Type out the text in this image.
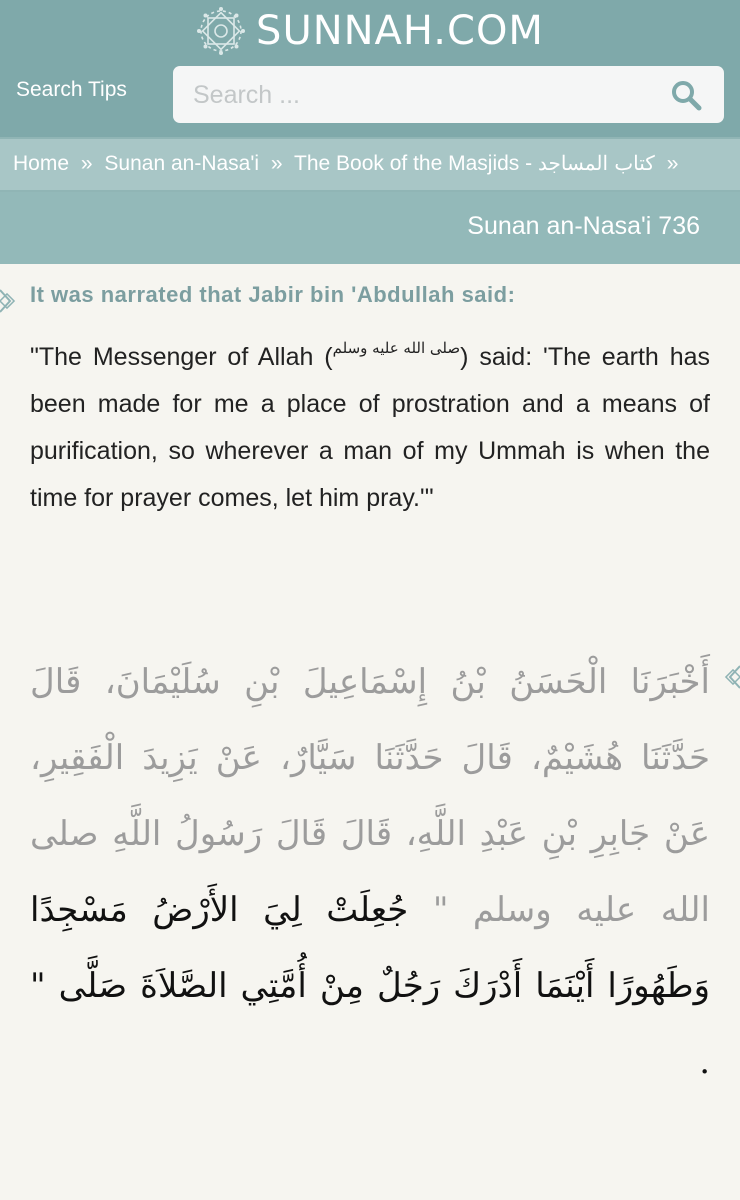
SUNNAH.COM
Search Tips
Search ...
Home » Sunan an-Nasa'i » The Book of the Masjids - كتاب المساجد »
Sunan an-Nasa'i 736
It was narrated that Jabir bin 'Abdullah said:
"The Messenger of Allah (صلى الله عليه وسلم) said: 'The earth has been made for me a place of prostration and a means of purification, so wherever a man of my Ummah is when the time for prayer comes, let him pray.'"
أَخْبَرَنَا الْحَسَنُ بْنُ إِسْمَاعِيلَ بْنِ سُلَيْمَانَ، قَالَ حَدَّثَنَا هُشَيْمٌ، قَالَ حَدَّثَنَا سَيَّارٌ، عَنْ يَزِيدَ الْفَقِيرِ، عَنْ جَابِرِ بْنِ عَبْدِ اللَّهِ، قَالَ قَالَ رَسُولُ اللَّهِ صلى الله عليه وسلم " جُعِلَتْ لِيَ الأَرْضُ مَسْجِدًا وَطَهُورًا أَيْنَمَا أَدْرَكَ رَجُلٌ مِنْ أُمَّتِي الصَّلاَةَ صَلَّى " .
